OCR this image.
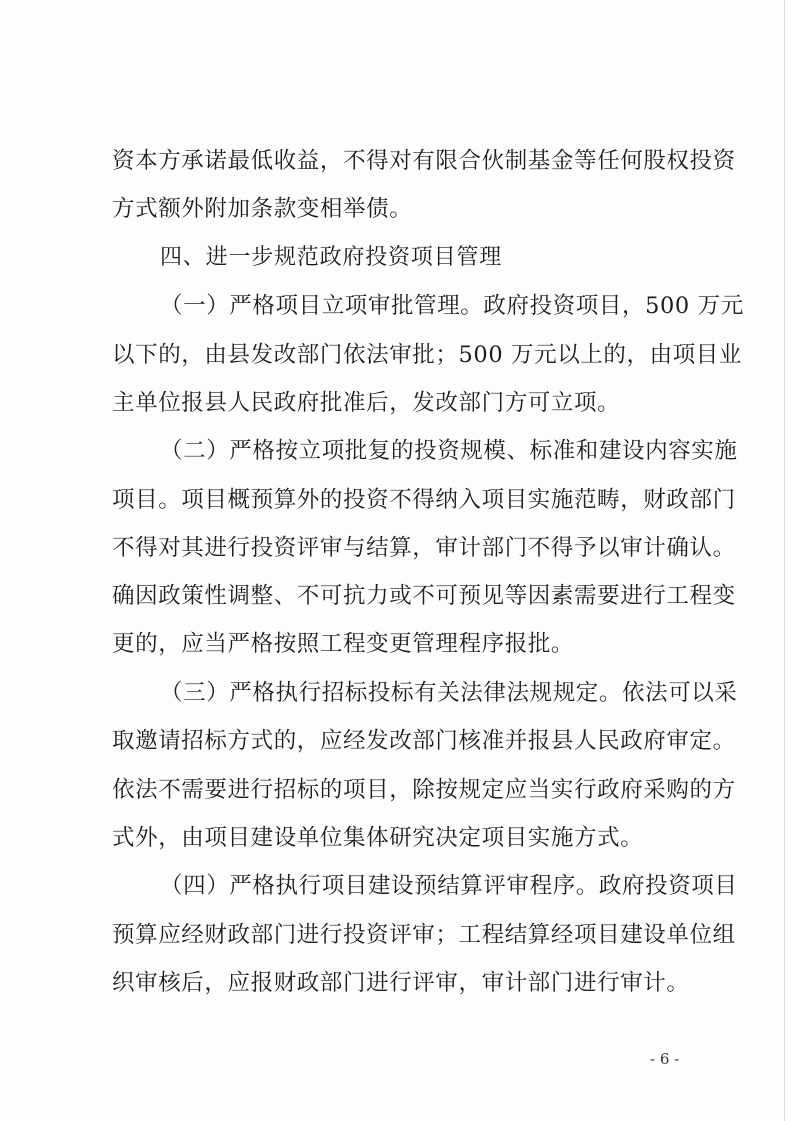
资本方承诺最低收益，不得对有限合伙制基金等任何股权投资
方式额外附加条款变相举债。
四、进一步规范政府投资项目管理
（一）严格项目立项审批管理。政府投资项目，500 万元
以下的，由县发改部门依法审批；500 万元以上的，由项目业
主单位报县人民政府批准后，发改部门方可立项。
（二）严格按立项批复的投资规模、标准和建设内容实施
项目。项目概预算外的投资不得纳入项目实施范畴，财政部门
不得对其进行投资评审与结算，审计部门不得予以审计确认。
确因政策性调整、不可抗力或不可预见等因素需要进行工程变
更的，应当严格按照工程变更管理程序报批。
（三）严格执行招标投标有关法律法规规定。依法可以采
取邀请招标方式的，应经发改部门核准并报县人民政府审定。
依法不需要进行招标的项目，除按规定应当实行政府采购的方
式外，由项目建设单位集体研究决定项目实施方式。
（四）严格执行项目建设预结算评审程序。政府投资项目
预算应经财政部门进行投资评审；工程结算经项目建设单位组
织审核后，应报财政部门进行评审，审计部门进行审计。
- 6 -
